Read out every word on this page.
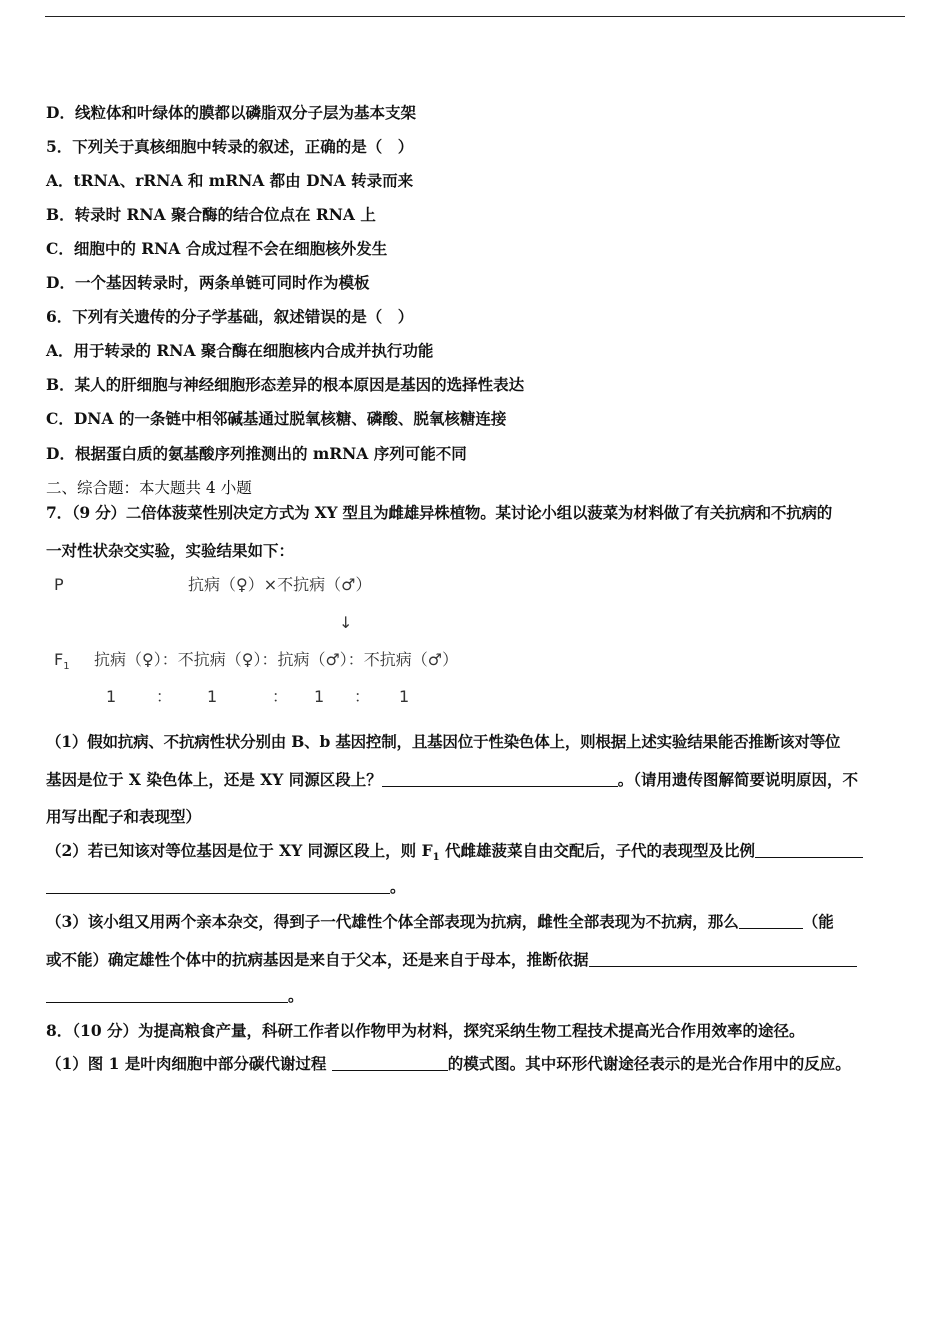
D．线粒体和叶绿体的膜都以磷脂双分子层为基本支架
5．下列关于真核细胞中转录的叙述，正确的是（　）
A．tRNA、rRNA 和 mRNA 都由 DNA 转录而来
B．转录时 RNA 聚合酶的结合位点在 RNA 上
C．细胞中的 RNA 合成过程不会在细胞核外发生
D．一个基因转录时，两条单链可同时作为模板
6．下列有关遗传的分子学基础，叙述错误的是（　）
A．用于转录的 RNA 聚合酶在细胞核内合成并执行功能
B．某人的肝细胞与神经细胞形态差异的根本原因是基因的选择性表达
C．DNA 的一条链中相邻碱基通过脱氧核糖、磷酸、脱氧核糖连接
D．根据蛋白质的氨基酸序列推测出的 mRNA 序列可能不同
二、综合题：本大题共 4 小题
7．（9 分）二倍体菠菜性别决定方式为 XY 型且为雌雄异株植物。某讨论小组以菠菜为材料做了有关抗病和不抗病的
一对性状杂交实验，实验结果如下：
P	抗病（♀）×不抗病（♂）
↓
$F_1$ 抗病（♀）：不抗病（♀）：抗病（♂）：不抗病（♂）
1 ： 1	： 1 ： 1
（1）假如抗病、不抗病性状分别由 B、b 基因控制，且基因位于性染色体上，则根据上述实验结果能否推断该对等位
基因是位于 X 染色体上，还是 XY 同源区段上？	。（请用遗传图解简要说明原因，不
用写出配子和表现型）
（2）若已知该对等位基因是位于 XY 同源区段上，则 $F_1$ 代雌雄菠菜自由交配后，子代的表现型及比例
。
（3）该小组又用两个亲本杂交，得到子一代雄性个体全部表现为抗病，雌性全部表现为不抗病，那么	（能
或不能）确定雄性个体中的抗病基因是来自于父本，还是来自于母本，推断依据
。
8．（10 分）为提高粮食产量，科研工作者以作物甲为材料，探究采纳生物工程技术提高光合作用效率的途径。
（1）图 1 是叶肉细胞中部分碳代谢过程	的模式图。其中环形代谢途径表示的是光合作用中的反应。
